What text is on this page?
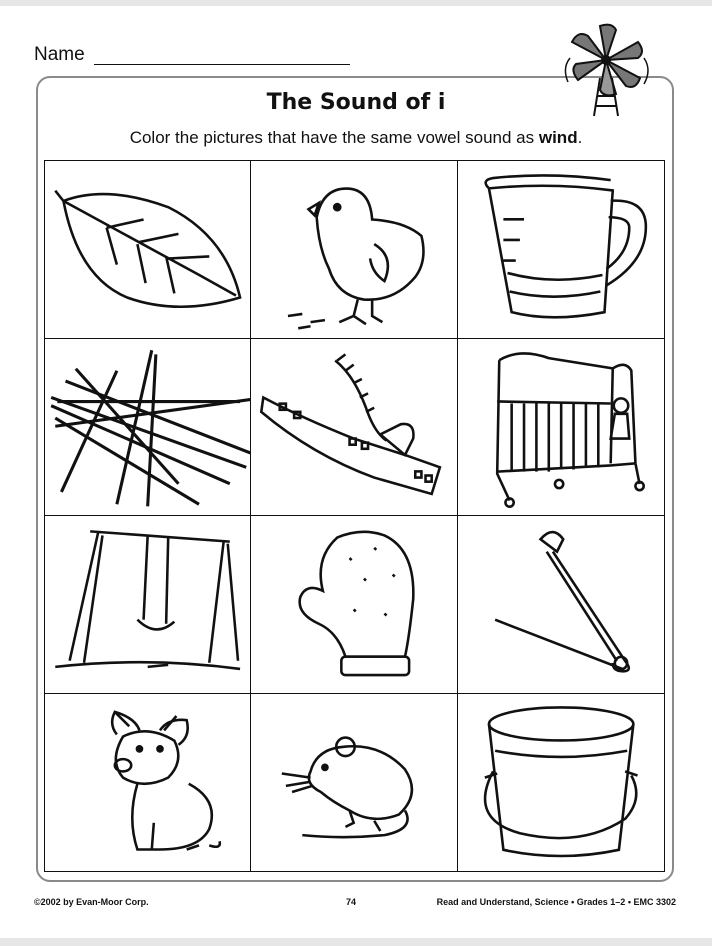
Name
The Sound of i
Color the pictures that have the same vowel sound as wind.
©2002 by Evan-Moor Corp.	74	Read and Understand, Science • Grades 1–2 • EMC 3302
